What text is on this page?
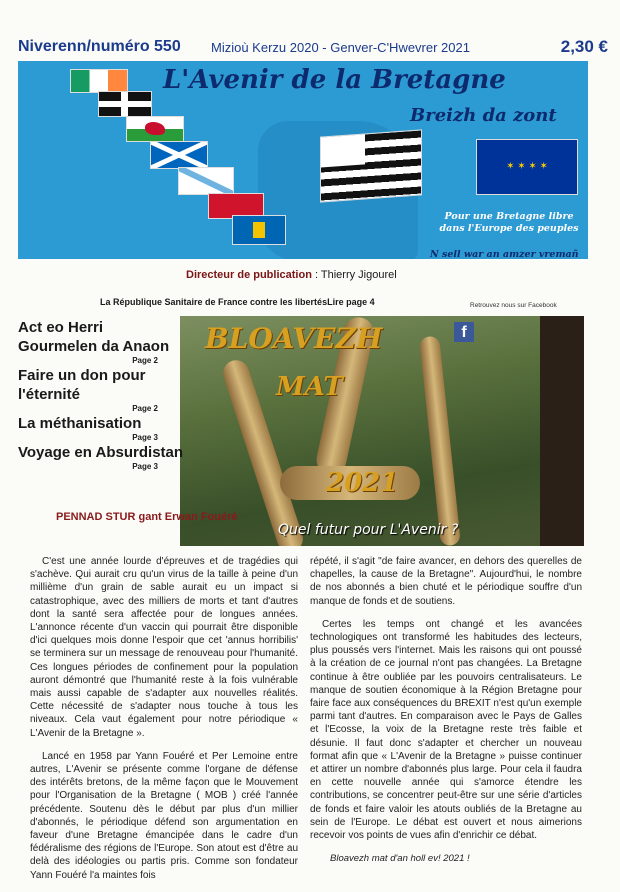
Niverenn/numéro 550 Mizioù Kerzu 2020 - Genver-C'Hwevrer 2021	2,30 €
✶ ✶ ✶ ✶
L'Avenir de la Bretagne
Breizh da zont
Pour une Bretagne libre dans l'Europe des peuples
N sell war an amzer vremañ
Directeur de publication : Thierry Jigourel
La République Sanitaire de France contre les libertésLire page 4	Retrouvez nous sur Facebook
f
BLOAVEZH
MAT
2021
Quel futur pour L'Avenir ?
Act eo Herri Gourmelen da Anaon
Page 2
Faire un don pour l'éternité
Page 2
La méthanisation
Page 3
Voyage en Absurdistan
Page 3
PENNAD STUR gant Erwan Fouéré

C'est une année lourde d'épreuves et de tragédies qui s'achève. Qui aurait cru qu'un virus de la taille à peine d'un millième d'un grain de sable aurait eu un impact si catastrophique, avec des milliers de morts et tant d'autres dont la santé sera affectée pour de longues années. L'annonce récente d'un vaccin qui pourrait être disponible d'ici quelques mois donne l'espoir que cet 'annus horribilis' se terminera sur un message de renouveau pour l'humanité. Ces longues périodes de confinement pour la population auront démontré que l'humanité reste à la fois vulnérable mais aussi capable de s'adapter aux nouvelles réalités. Cette nécessité de s'adapter nous touche à tous les niveaux. Cela vaut également pour notre périodique « L'Avenir de la Bretagne ».

Lancé en 1958 par Yann Fouéré et Per Lemoine entre autres, L'Avenir se présente comme l'organe de défense des intérêts bretons, de la même façon que le Mouvement pour l'Organisation de la Bretagne ( MOB ) créé l'année précédente. Soutenu dès le début par plus d'un millier d'abonnés, le périodique défend son argumentation en faveur d'une Bretagne émancipée dans le cadre d'un fédéralisme des régions de l'Europe. Son atout est d'être au delà des idéologies ou partis pris. Comme son fondateur Yann Fouéré l'a maintes fois

répété, il s'agit "de faire avancer, en dehors des querelles de chapelles, la cause de la Bretagne". Aujourd'hui, le nombre de nos abonnés a bien chuté et le périodique souffre d'un manque de fonds et de soutiens.

Certes les temps ont changé et les avancées technologiques ont transformé les habitudes des lecteurs, plus poussés vers l'internet. Mais les raisons qui ont poussé à la création de ce journal n'ont pas changées. La Bretagne continue à être oubliée par les pouvoirs centralisateurs. Le manque de soutien économique à la Région Bretagne pour faire face aux conséquences du BREXIT n'est qu'un exemple parmi tant d'autres. En comparaison avec le Pays de Galles et l'Ecosse, la voix de la Bretagne reste très faible et désunie. Il faut donc s'adapter et chercher un nouveau format afin que « L'Avenir de la Bretagne » puisse continuer et attirer un nombre d'abonnés plus large. Pour cela il faudra en cette nouvelle année qui s'amorce étendre les contributions, se concentrer peut-être sur une série d'articles de fonds et faire valoir les atouts oubliés de la Bretagne au sein de l'Europe. Le débat est ouvert et nous aimerions recevoir vos points de vues afin d'enrichir ce débat.

Bloavezh mat d'an holl ev! 2021 !
